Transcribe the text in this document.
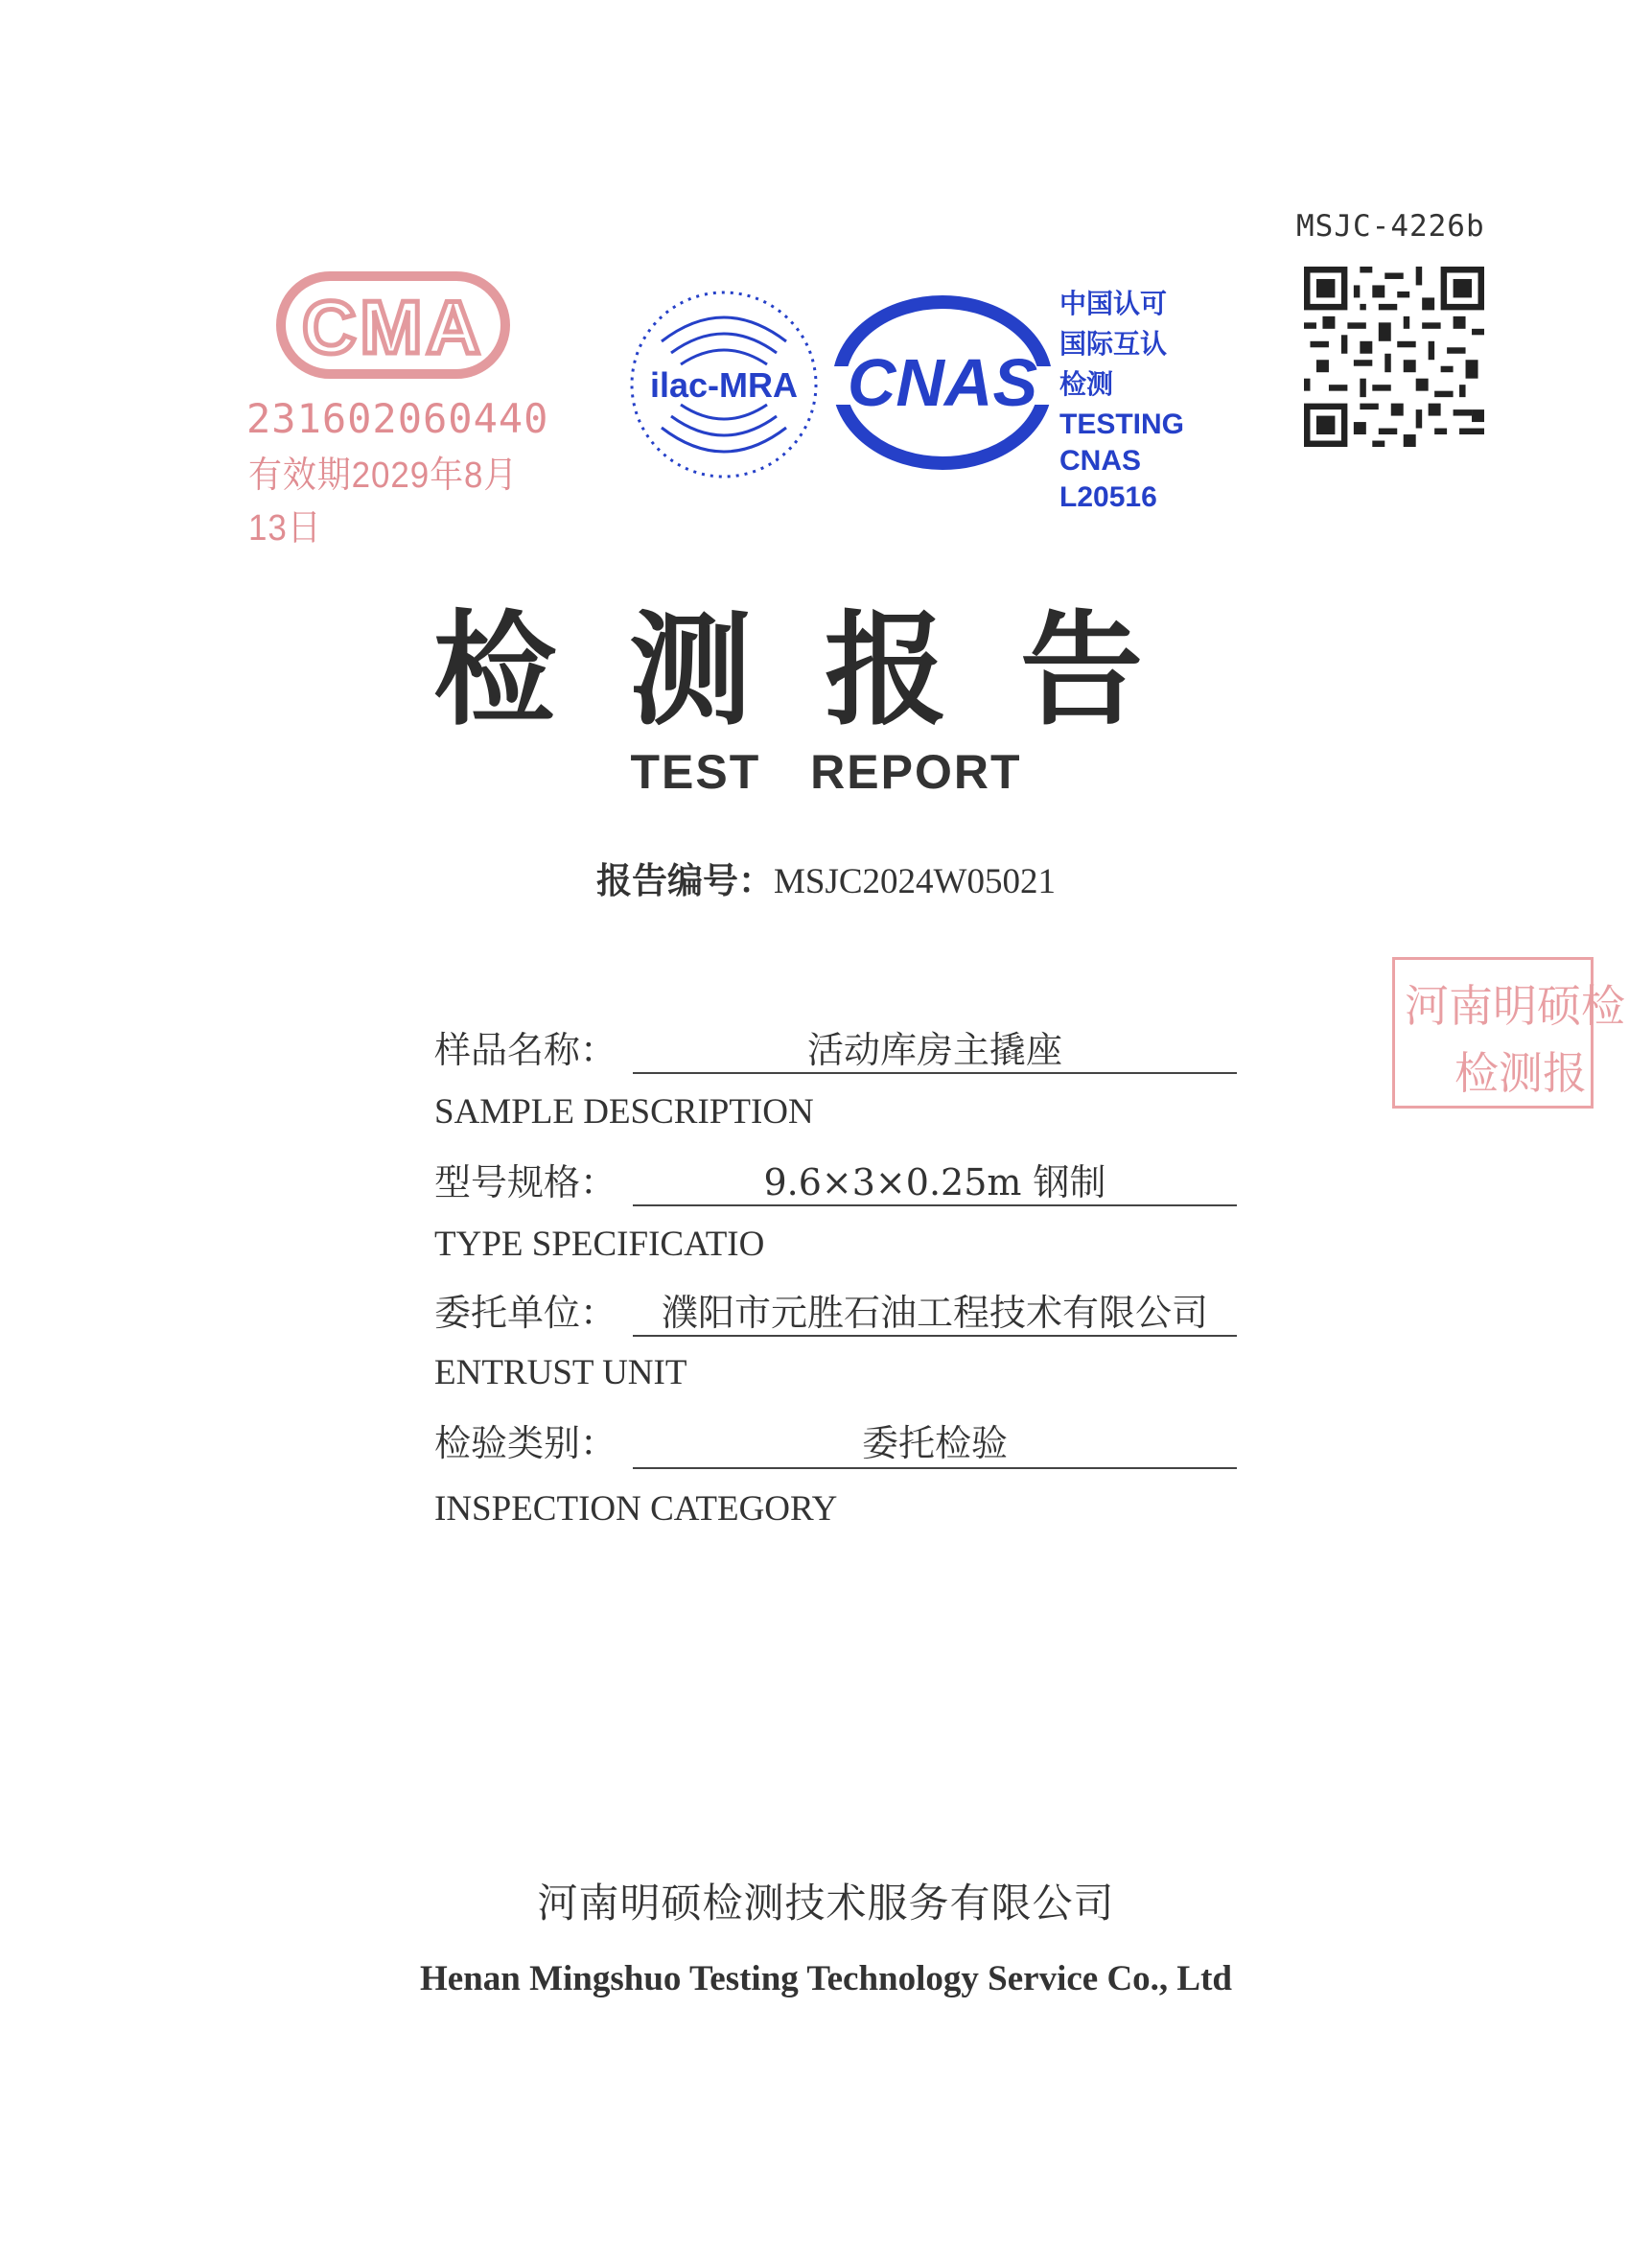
MSJC-4226b
CMA
231602060440
有效期2029年8月13日
ilac-MRA CNAS
中国认可
国际互认
检测
TESTING
CNAS L20516
检测报告
TEST REPORT
报告编号：MSJC2024W05021
河南明硕检
检测报
样品名称：	活动库房主撬座
SAMPLE DESCRIPTION
型号规格：	9.6×3×0.25m 钢制
TYPE SPECIFICATIO
委托单位：	濮阳市元胜石油工程技术有限公司
ENTRUST UNIT
检验类别：	委托检验
INSPECTION CATEGORY
河南明硕检测技术服务有限公司
Henan Mingshuo Testing Technology Service Co., Ltd
